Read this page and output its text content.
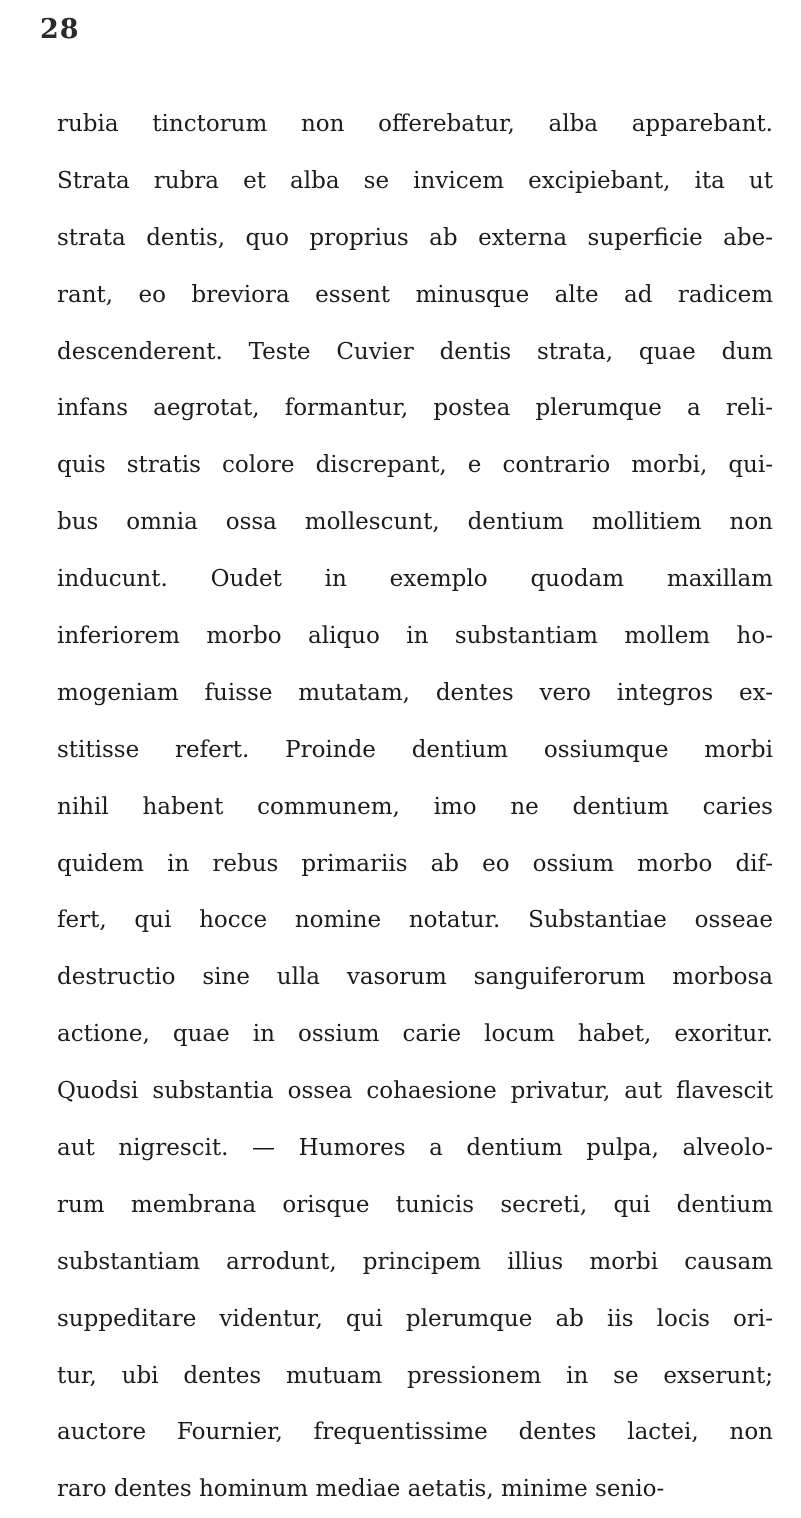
28
rubia tinctorum non offerebatur, alba apparebant.
Strata rubra et alba se invicem excipiebant, ita ut
strata dentis, quo proprius ab externa superficie abe-
rant, eo breviora essent minusque alte ad radicem
descenderent. Teste Cuvier dentis strata, quae dum
infans aegrotat, formantur, postea plerumque a reli-
quis stratis colore discrepant, e contrario morbi, qui-
bus omnia ossa mollescunt, dentium mollitiem non
inducunt. Oudet in exemplo quodam maxillam
inferiorem morbo aliquo in substantiam mollem ho-
mogeniam fuisse mutatam, dentes vero integros ex-
stitisse refert. Proinde dentium ossiumque morbi
nihil habent communem, imo ne dentium caries
quidem in rebus primariis ab eo ossium morbo dif-
fert, qui hocce nomine notatur. Substantiae osseae
destructio sine ulla vasorum sanguiferorum morbosa
actione, quae in ossium carie locum habet, exoritur.
Quodsi substantia ossea cohaesione privatur, aut flavescit
aut nigrescit. — Humores a dentium pulpa, alveolo-
rum membrana orisque tunicis secreti, qui dentium
substantiam arrodunt, principem illius morbi causam
suppeditare videntur, qui plerumque ab iis locis ori-
tur, ubi dentes mutuam pressionem in se exserunt;
auctore Fournier, frequentissime dentes lactei, non
raro dentes hominum mediae aetatis, minime senio-
